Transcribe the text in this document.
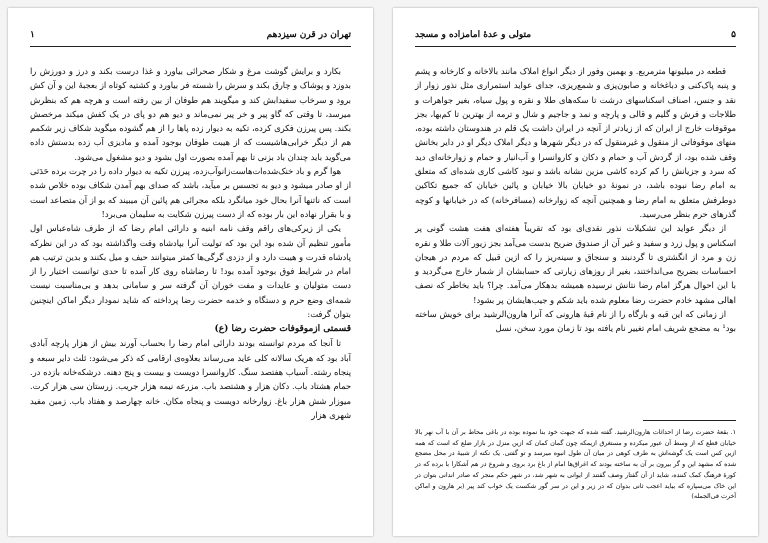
تهران در قرن سیزدهم
۱

بکارد و برایش گوشت مرغ و شکار صحرائی بیاورد و غذا درست بکند و درز و دورزش را بدوزد و پوشاک و چارق بکند و سرش را شسته فر بیاورد و کشتیه کوتاه از بعجبهٔ این و آن کش برود و سرخاب سفیدابش کند و میگویند هم طوفان از بین رفته است و هرچه هم که بنظرش میرسد، تا وقتی که گاو پیر و خر پیر نمی‌ماند و دیو هم دو پای در یک کفش میکند مرخصش بکند. پس پیرزن فکری کرده، تکیه به دیوار زده پاها را از هم گشوده میگوید شکاف زیر شکمم هم از دیگر خرابی‌هاشیست که از هیبت طوفان بوجود آمده و مادیزی آب زده بدستش داده می‌گوید باید چندان باد بزنی تا بهم آمده بصورت اول بشود و دیو مشغول می‌شود.

هوا گرم و باد خنک‌شده‌ات‌هاست‌زانو‌آب‌زده، پیرزن تکیه به دیوار داده را در چرت برده حَدَثی از او صادر میشود و دیو به تجسس بر میآید، باشد که صدای بهم آمدن شکاف بوده خلاص شده است که ناتنها آنرا بحال خود میانگرد بلکه مجرائی هم پائین آن میبیند که بو از آن متصاعد است و با بقرار نهاده این بار بوده که از دست پیرزن شکایت به سلیمان می‌برد!

یکی از زیرکی‌های راقم وقف نامه ابنیه و دارائی امام رضا که از طرف شاه‌عباس اول مأمور تنظیم آن شده بود این بود که تولیت آنرا بپادشاه وقت واگذاشته بود که در این نظرکه پادشاه قدرت و هیبت دارد و از دزدی گرگی‌ها کمتر میتوانند حیف و میل بکنند و بدین ترتیب هم امام در شرایط فوق بوجود آمده بود! تا رضاشاه روی کار آمده تا حدی توانست اختیار را از دست متولیان و عایدات و مفت خوران آن گرفته سر و سامانی بدهد و بی‌مناسبت نیست شمه‌ای وضع حرم و دستگاه و خدمه حضرت رضا پرداخته که شاید نمودار دیگر اماکن اینچنین بتوان گرفت:

قسمتی ازموقوفات حضرت رضا (ع)

تا آنجا که مردم توانسته بودند دارائی امام رضا را بحساب آورند بیش از هزار پارچه آبادی آباد بود که هریک سالانه کلی عاید می‌رساند بعلاوه‌ی ارقامی که ذکر می‌شود: ثلث دایر سبعه و پنجاه رشته. آسیاب هفتصد سنگ. کاروانسرا دویست و بیست و پنج دهنه. درشکه‌خانه بازده در. حمام هشتاد باب. دکان هزار و هشتصد باب. مزرعه نیمه هزار جریب. زرستان سی هزار کرت. میوزار شش هزار باغ. زوارخانه دویست و پنجاه مکان. خانه چهارصد و هفتاد باب. زمین مفید شهری هزار

۵
متولی و عدهٔ امامزاده و مسجد

قطعه در میلیونها مترمربع. و بهمین وفور از دیگر انواع املاک مانند بالاخانه و کارخانه و پشم و پنبه پاک‌کنی و دباغخانه و صابون‌پزی و شمع‌ریزی، جدای عواید استمراری مثل نذور زوار از نقد و جنس، اصناف اسکناسهای درشت تا سکه‌های طلا و نقره و پول سیاه، بغیر جواهرات و طلاجات و فرش و گلیم و قالی و پارچه و نمد و جاجیم و شال و ترمه از بهترین تا کم‌بها، بجز موقوفات خارج از ایران که از زیادتر از آنچه در ایران داشت یک قلم در هندوستان داشته بوده، منهای موقوفاتی از منقول و غیرمنقول که در دیگر شهرها و دیگر املاک دیگر او در دایر بخانش وقف شده بود، از گردش آب و حمام و دکان و کاروانسرا و آب‌انبار و حمام و زوارخانه‌ای دید که سرد و جزیانش را کم کرده کاشی مزین نشانه باشد و نبود کاشی کاری شده‌ای که متعلق به امام رضا نبوده باشد، در نمونهٔ دو خیابان بالا خیابان و پائین خیابان که جمیع تکاکین دوطرفش متعلق به امام رضا و همچنین آنچه که زوارخانه (مسافرخانه) که در خیابانها و کوچه گذرهای حرم بنظر می‌رسید.

از دیگر عواید این تشکیلات نذور نقدی‌ای بود که تقریباً هفته‌ای هفت هشت گونی پر اسکناس و پول زرد و سفید و غیر آن از صندوق ضریح بدست می‌آمد بجز زیور آلات طلا و نقره زن و مرد از انگشتری تا گردنبند و سنجاق و سینه‌ریز را که ازین قبیل که مردم در هیجان احساسات بضریح می‌انداختند، بغیر از روزهای زیارتی که حسابشان از شمار خارج می‌گردید و با این احوال هرگز امام رضا نتانش نرسیده همیشه بدهکار می‌آمد. چرا؟ باید بخاطر که نصف اهالی مشهد خادم حضرت رضا معلوم شده باید شکم و جیب‌هایشان پر بشود!

از زمانی که این قبه و بارگاه را از نام قبهٔ هارونی که آنرا هارون‌الرشید برای خویش ساخته بود¹ به مضجع شریف امام تغییر نام یافته بود تا زمان مورد سخن، نسل

۱. بقعهٔ حضرت رضا از احداثات هارون‌الرشید. گفته شده که جبهت خود بنا نموده بوده در باغی محاط بر آن با آب نهر بالا خیابان قطع که از وسط آن عبور میکرده و مستغرق ازیمکه چون گمان کمان که ازین منزل در بازار ضلع که است که همه ازین کس است یک گوشه‌اش به طرف کوهی در میان آن طول انبوه میرسد و تو گفتی. یک نکته از شبیهٔ در محل مضجع شده که مشهد این و گر بیرون بر آن به ساخته بودند که اغراق‌ها امام از باغ برد بروی و شروع در هم آشکارا با برده که در کورهٔ فرهنگ کمک کننده، شاید از آن گفتار وصف گفتند از ایوانی به شهر شد، در شهر حکم منجر که صادر اندانی بتوان در این خاک می‌سپاره که بیاید اعجب ثانی بدوان که در زیر و این در سر گور شکست یک خواب کند پیر (بر هارون و اماکن آخرت فی‌الجمله)
